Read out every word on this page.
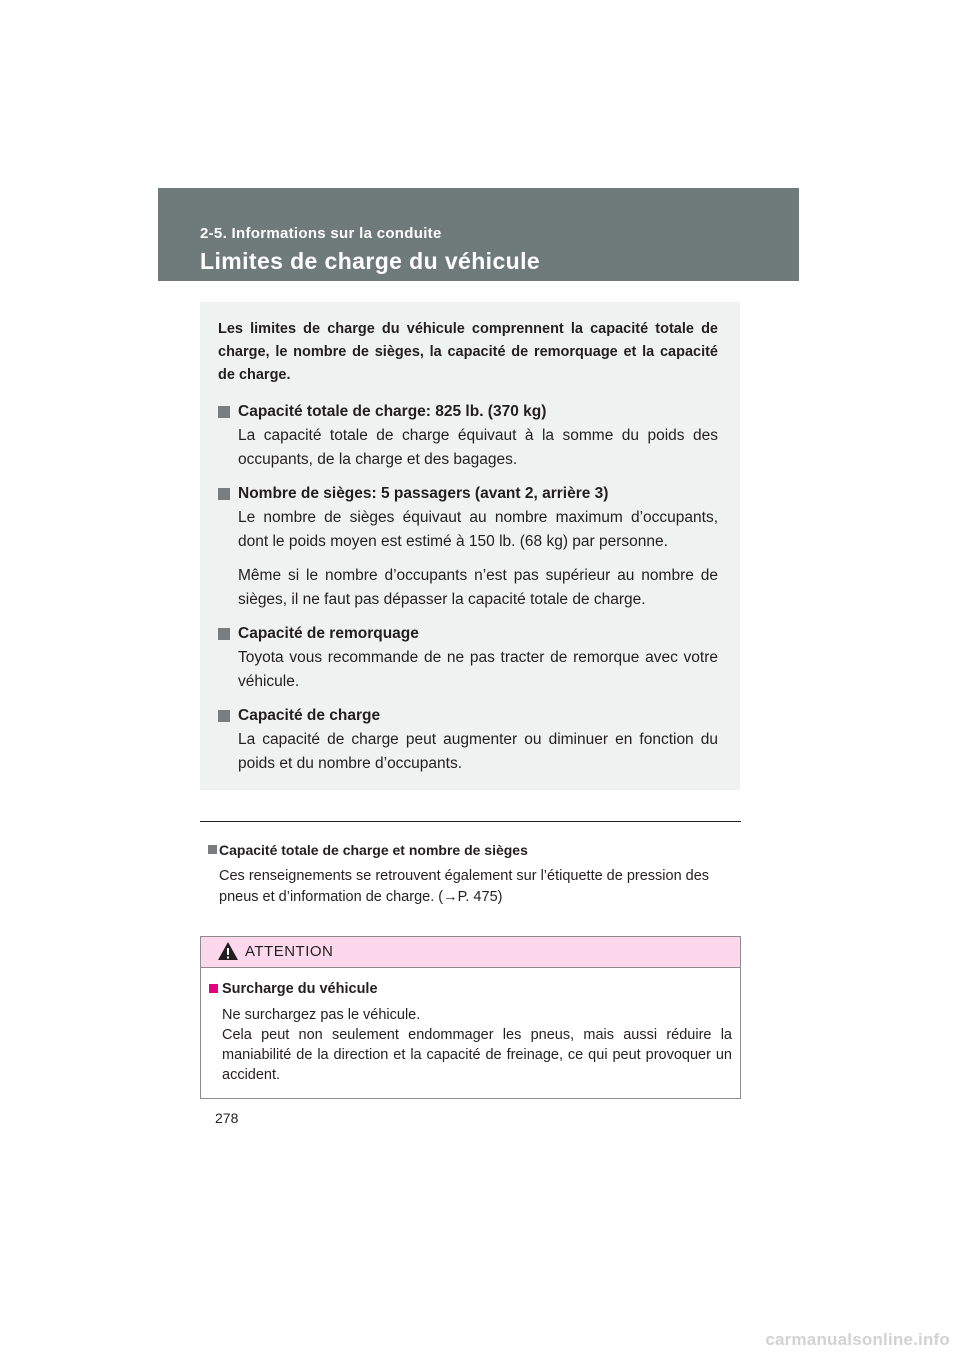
2-5. Informations sur la conduite
Limites de charge du véhicule

Les limites de charge du véhicule comprennent la capacité totale de charge, le nombre de sièges, la capacité de remorquage et la capacité de charge.

Capacité totale de charge: 825 lb. (370 kg)

La capacité totale de charge équivaut à la somme du poids des occupants, de la charge et des bagages.

Nombre de sièges: 5 passagers (avant 2, arrière 3)

Le nombre de sièges équivaut au nombre maximum d’occupants, dont le poids moyen est estimé à 150 lb. (68 kg) par personne.

Même si le nombre d’occupants n’est pas supérieur au nombre de sièges, il ne faut pas dépasser la capacité totale de charge.

Capacité de remorquage

Toyota vous recommande de ne pas tracter de remorque avec votre véhicule.

Capacité de charge

La capacité de charge peut augmenter ou diminuer en fonction du poids et du nombre d’occupants.

Capacité totale de charge et nombre de sièges

Ces renseignements se retrouvent également sur l’étiquette de pression des pneus et d’information de charge. (→P. 475)

ATTENTION
Surcharge du véhicule

Ne surchargez pas le véhicule.
Cela peut non seulement endommager les pneus, mais aussi réduire la maniabilité de la direction et la capacité de freinage, ce qui peut provoquer un accident.

278
carmanualsonline.info
